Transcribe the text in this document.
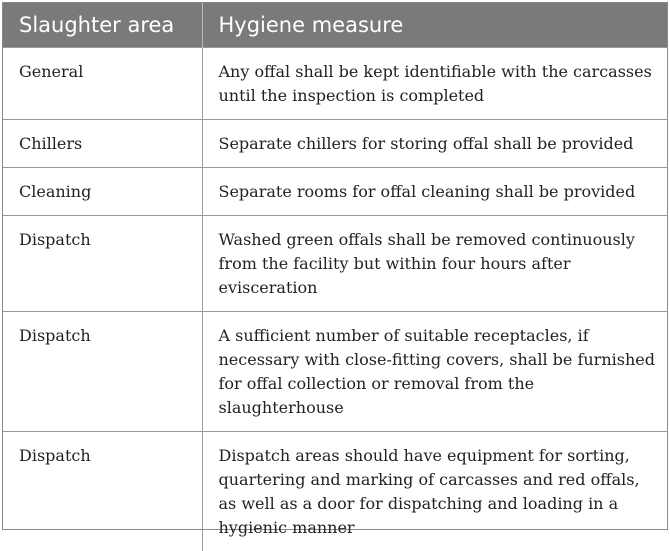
Slaughter area	Hygiene measure
General	Any offal shall be kept identifiable with the carcasses until the inspection is completed
Chillers	Separate chillers for storing offal shall be provided
Cleaning	Separate rooms for offal cleaning shall be provided
Dispatch	Washed green offals shall be removed continuously from the facility but within four hours after evisceration
Dispatch	A sufficient number of suitable receptacles, if necessary with close-fitting covers, shall be furnished for offal collection or removal from the slaughterhouse
Dispatch	Dispatch areas should have equipment for sorting, quartering and marking of carcasses and red offals, as well as a door for dispatching and loading in a hygienic manner
